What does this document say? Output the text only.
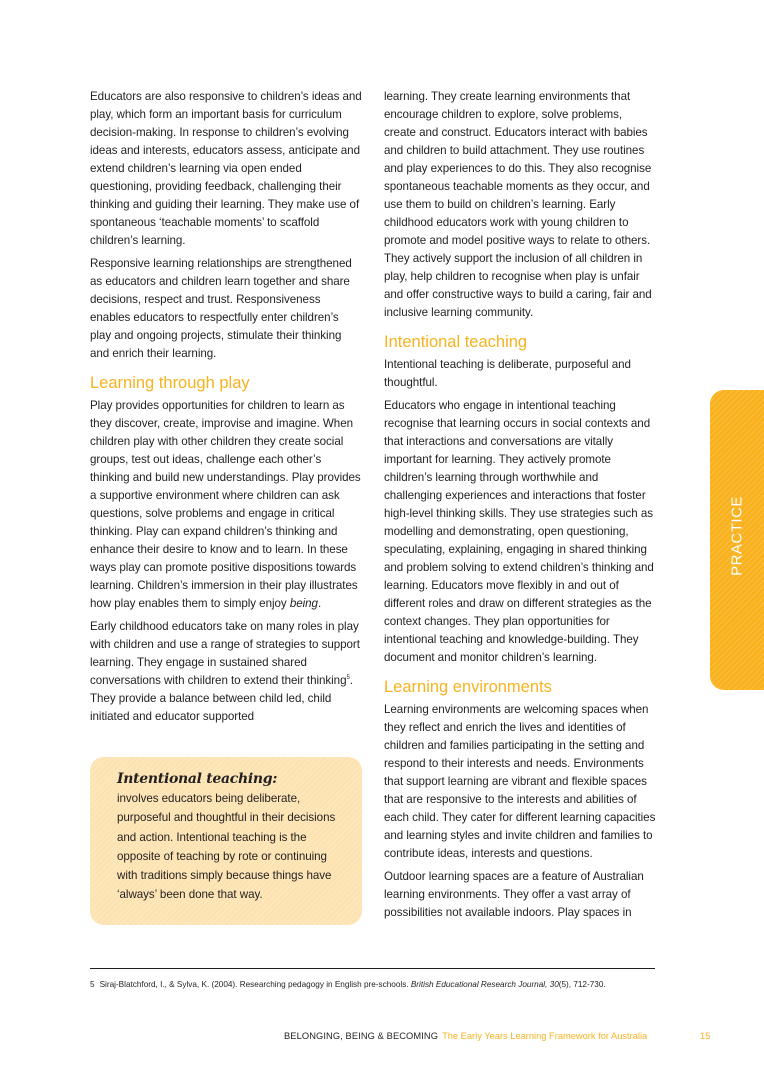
Educators are also responsive to children’s ideas and play, which form an important basis for curriculum decision-making. In response to children’s evolving ideas and interests, educators assess, anticipate and extend children’s learning via open ended questioning, providing feedback, challenging their thinking and guiding their learning. They make use of spontaneous ‘teachable moments’ to scaffold children’s learning.

Responsive learning relationships are strengthened as educators and children learn together and share decisions, respect and trust. Responsiveness enables educators to respectfully enter children’s play and ongoing projects, stimulate their thinking and enrich their learning.

Learning through play

Play provides opportunities for children to learn as they discover, create, improvise and imagine. When children play with other children they create social groups, test out ideas, challenge each other’s thinking and build new understandings. Play provides a supportive environment where children can ask questions, solve problems and engage in critical thinking. Play can expand children’s thinking and enhance their desire to know and to learn. In these ways play can promote positive dispositions towards learning. Children’s immersion in their play illustrates how play enables them to simply enjoy being.

Early childhood educators take on many roles in play with children and use a range of strategies to support learning. They engage in sustained shared conversations with children to extend their thinking$^5$. They provide a balance between child led, child initiated and educator supported

Intentional teaching:

involves educators being deliberate, purposeful and thoughtful in their decisions and action. Intentional teaching is the opposite of teaching by rote or continuing with traditions simply because things have ‘always’ been done that way.

learning. They create learning environments that encourage children to explore, solve problems, create and construct. Educators interact with babies and children to build attachment. They use routines and play experiences to do this. They also recognise spontaneous teachable moments as they occur, and use them to build on children’s learning. Early childhood educators work with young children to promote and model positive ways to relate to others. They actively support the inclusion of all children in play, help children to recognise when play is unfair and offer constructive ways to build a caring, fair and inclusive learning community.

Intentional teaching

Intentional teaching is deliberate, purposeful and thoughtful.

Educators who engage in intentional teaching recognise that learning occurs in social contexts and that interactions and conversations are vitally important for learning. They actively promote children’s learning through worthwhile and challenging experiences and interactions that foster high-level thinking skills. They use strategies such as modelling and demonstrating, open questioning, speculating, explaining, engaging in shared thinking and problem solving to extend children’s thinking and learning. Educators move flexibly in and out of different roles and draw on different strategies as the context changes. They plan opportunities for intentional teaching and knowledge-building. They document and monitor children’s learning.

Learning environments

Learning environments are welcoming spaces when they reflect and enrich the lives and identities of children and families participating in the setting and respond to their interests and needs. Environments that support learning are vibrant and flexible spaces that are responsive to the interests and abilities of each child. They cater for different learning capacities and learning styles and invite children and families to contribute ideas, interests and questions.

Outdoor learning spaces are a feature of Australian learning environments. They offer a vast array of possibilities not available indoors. Play spaces in

PRACTICE
5 Siraj-Blatchford, I., & Sylva, K. (2004). Researching pedagogy in English pre-schools. British Educational Research Journal, 30(5), 712-730.
BELONGING, BEING & BECOMING The Early Years Learning Framework for Australia	15
